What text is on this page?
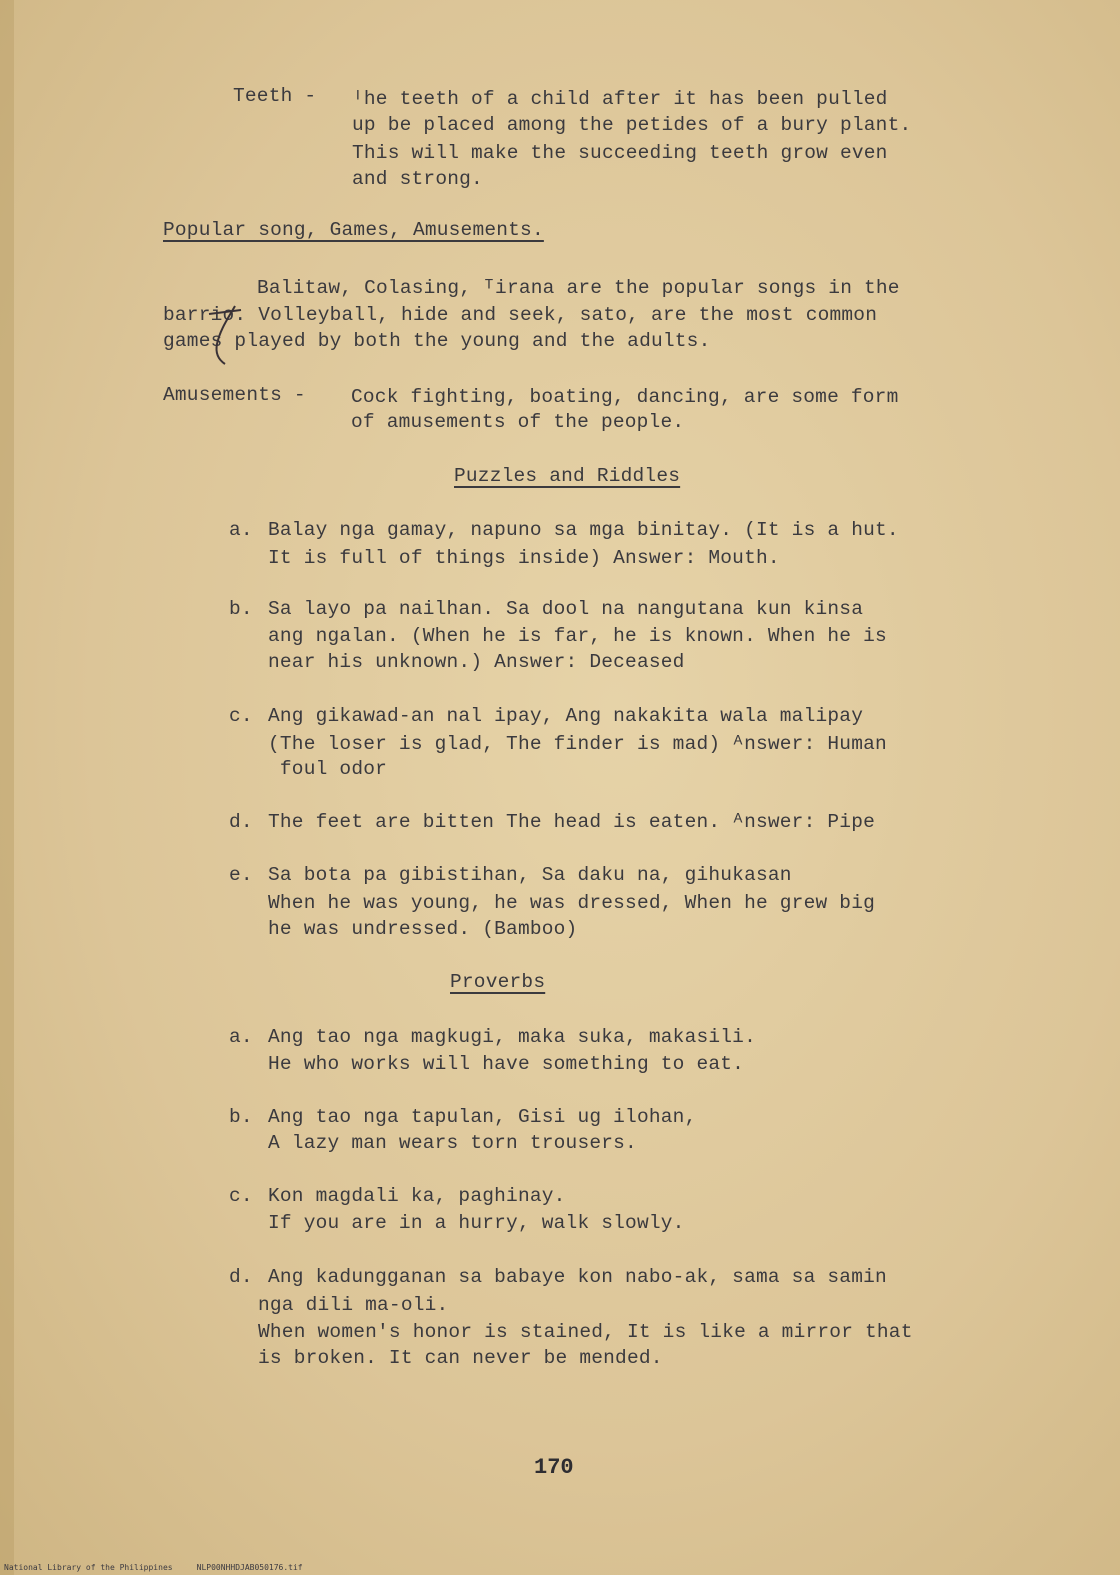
Teeth - ᴵhe teeth of a child after it has been pulled
up be placed among the petides of a bury plant.
This will make the succeeding teeth grow even
and strong.
Popular song, Games, Amusements.
Balitaw, Colasing, ᵀirana are the popular songs in the
barrio. Volleyball, hide and seek, sato, are the most common
games played by both the young and the adults.
Amusements - Cock fighting, boating, dancing, are some form
of amusements of the people.
Puzzles and Riddles
a. Balay nga gamay, napuno sa mga binitay. (It is a hut.
It is full of things inside) Answer: Mouth.
b. Sa layo pa nailhan. Sa dool na nangutana kun kinsa
ang ngalan. (When he is far, he is known. When he is
near his unknown.) Answer: Deceased
c. Ang gikawad-an nal ipay, Ang nakakita wala malipay
(The loser is glad, The finder is mad) ᴬnswer: Human
foul odor
d. The feet are bitten The head is eaten. ᴬnswer: Pipe
e. Sa bota pa gibistihan, Sa daku na, gihukasan
When he was young, he was dressed, When he grew big
he was undressed. (Bamboo)
Proverbs
a. Ang tao nga magkugi, maka suka, makasili.
He who works will have something to eat.
b. Ang tao nga tapulan, Gisi ug ilohan,
A lazy man wears torn trousers.
c. Kon magdali ka, paghinay.
If you are in a hurry, walk slowly.
d. Ang kadungganan sa babaye kon nabo-ak, sama sa samin
nga dili ma-oli.
When women's honor is stained, It is like a mirror that
is broken. It can never be mended.
170
National Library of the Philippines     NLP00NHHDJAB050176.tif
